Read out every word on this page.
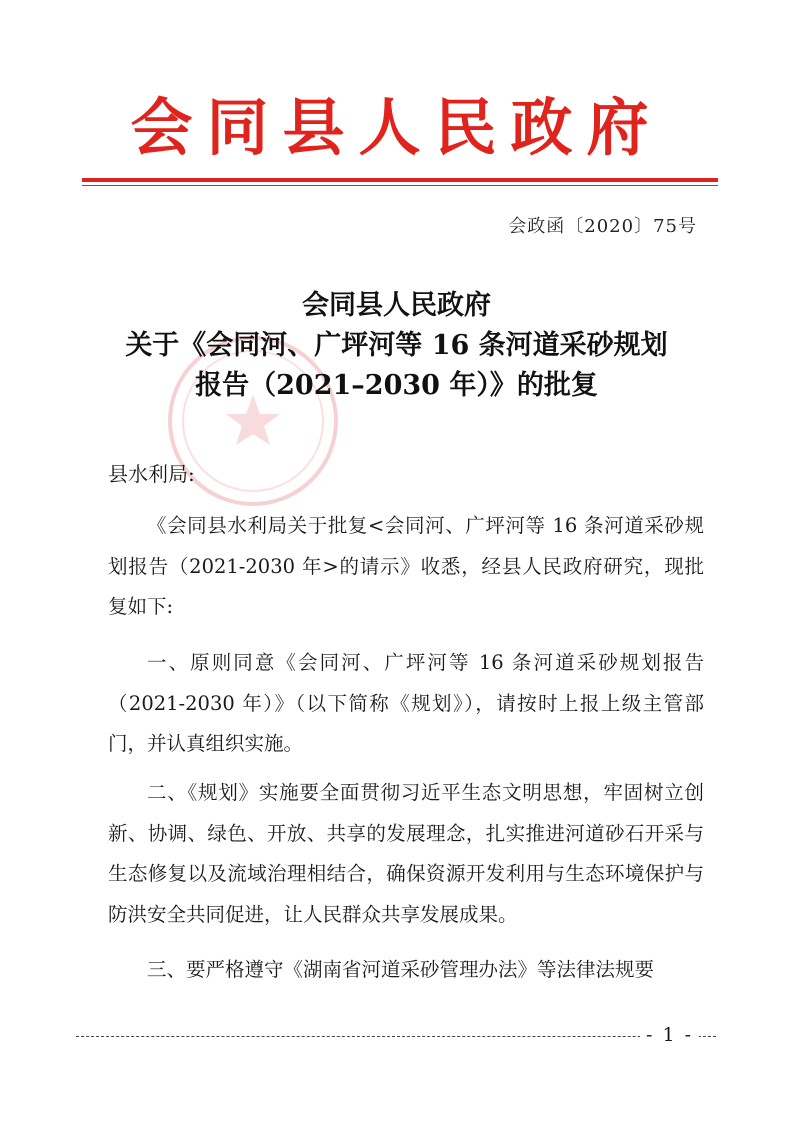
会同县人民政府
会政函〔2020〕75号
会同县人民政府
关于《会同河、广坪河等 16 条河道采砂规划
报告（2021–2030 年）》的批复
县水利局:

《会同县水利局关于批复<会同河、广坪河等 16 条河道采砂规划报告（2021-2030 年>的请示》收悉，经县人民政府研究，现批复如下:

一、原则同意《会同河、广坪河等 16 条河道采砂规划报告（2021-2030 年）》（以下简称《规划》），请按时上报上级主管部门，并认真组织实施。

二、《规划》实施要全面贯彻习近平生态文明思想，牢固树立创新、协调、绿色、开放、共享的发展理念，扎实推进河道砂石开采与生态修复以及流域治理相结合，确保资源开发利用与生态环境保护与防洪安全共同促进，让人民群众共享发展成果。

三、要严格遵守《湖南省河道采砂管理办法》等法律法规要

- 1 -
